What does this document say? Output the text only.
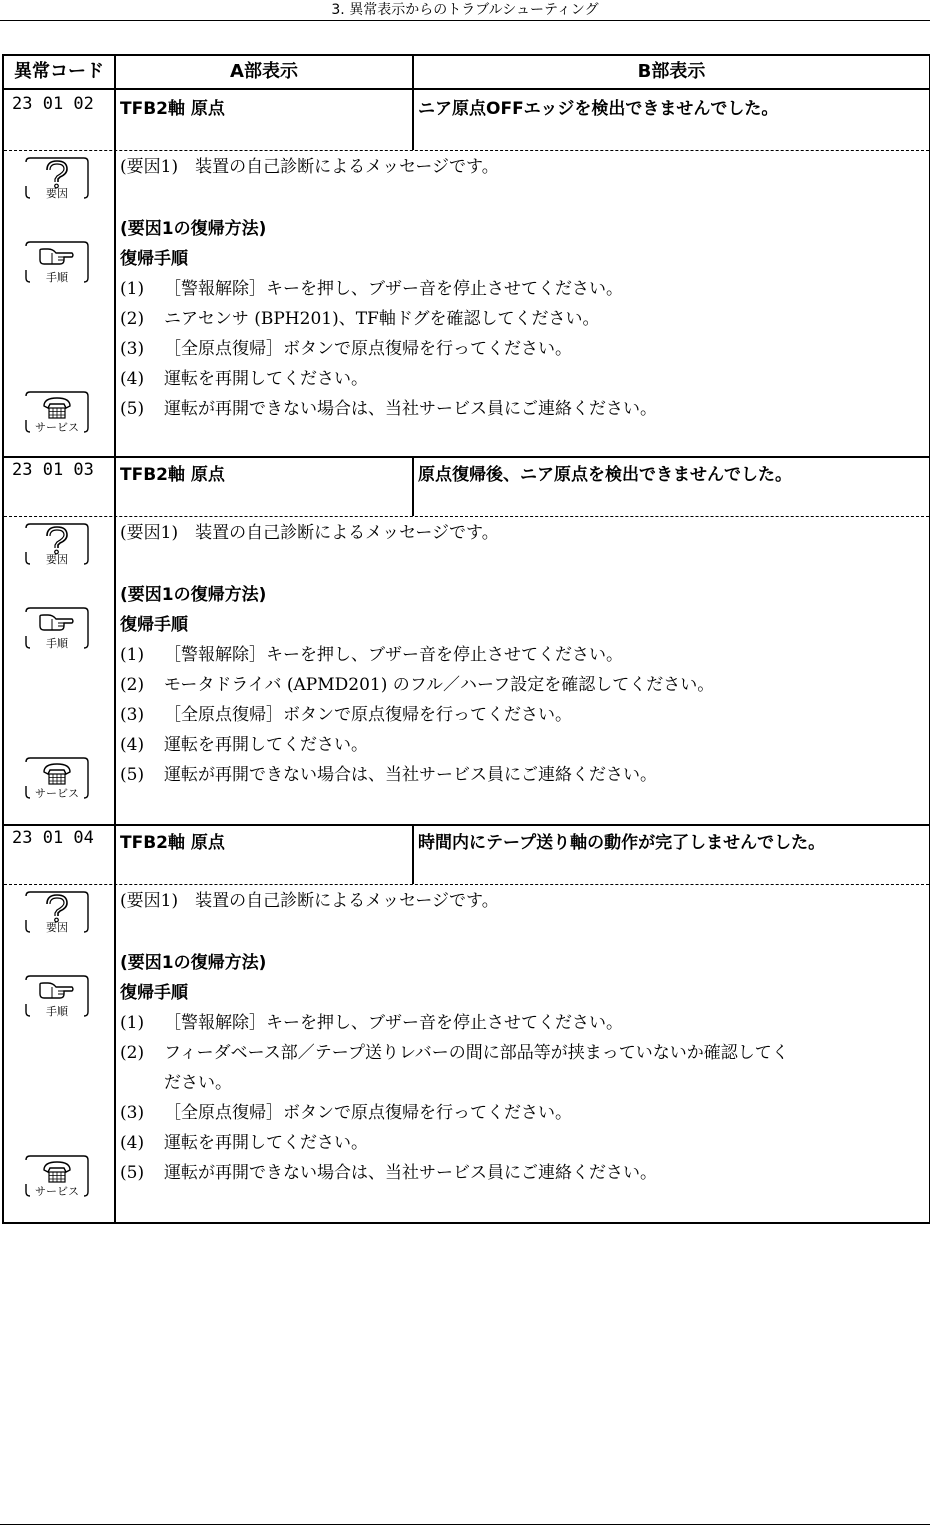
3. 異常表示からのトラブルシューティング
異常コード	A部表示	B部表示
23 01 02 TFB2軸 原点	ニア原点OFFエッジを検出できませんでした。
(要因1)　装置の自己診断によるメッセージです。
(要因1の復帰方法)
復帰手順
(1) ［警報解除］キーを押し、ブザー音を停止させてください。
(2) ニアセンサ (BPH201)、TF軸ドグを確認してください。
(3) ［全原点復帰］ボタンで原点復帰を行ってください。
(4) 運転を再開してください。
(5) 運転が再開できない場合は、当社サービス員にご連絡ください。
要因
手順
サービス
23 01 03 TFB2軸 原点	原点復帰後、ニア原点を検出できませんでした。
(要因1)　装置の自己診断によるメッセージです。
(要因1の復帰方法)
復帰手順
(1) ［警報解除］キーを押し、ブザー音を停止させてください。
(2) モータドライバ (APMD201) のフル／ハーフ設定を確認してください。
(3) ［全原点復帰］ボタンで原点復帰を行ってください。
(4) 運転を再開してください。
(5) 運転が再開できない場合は、当社サービス員にご連絡ください。
要因
手順
サービス
23 01 04 TFB2軸 原点	時間内にテープ送り軸の動作が完了しませんでした。
(要因1)　装置の自己診断によるメッセージです。
(要因1の復帰方法)
復帰手順
(1) ［警報解除］キーを押し、ブザー音を停止させてください。
(2) フィーダベース部／テープ送りレバーの間に部品等が挟まっていないか確認してく
ださい。
(3) ［全原点復帰］ボタンで原点復帰を行ってください。
(4) 運転を再開してください。
(5) 運転が再開できない場合は、当社サービス員にご連絡ください。
要因
手順
サービス
